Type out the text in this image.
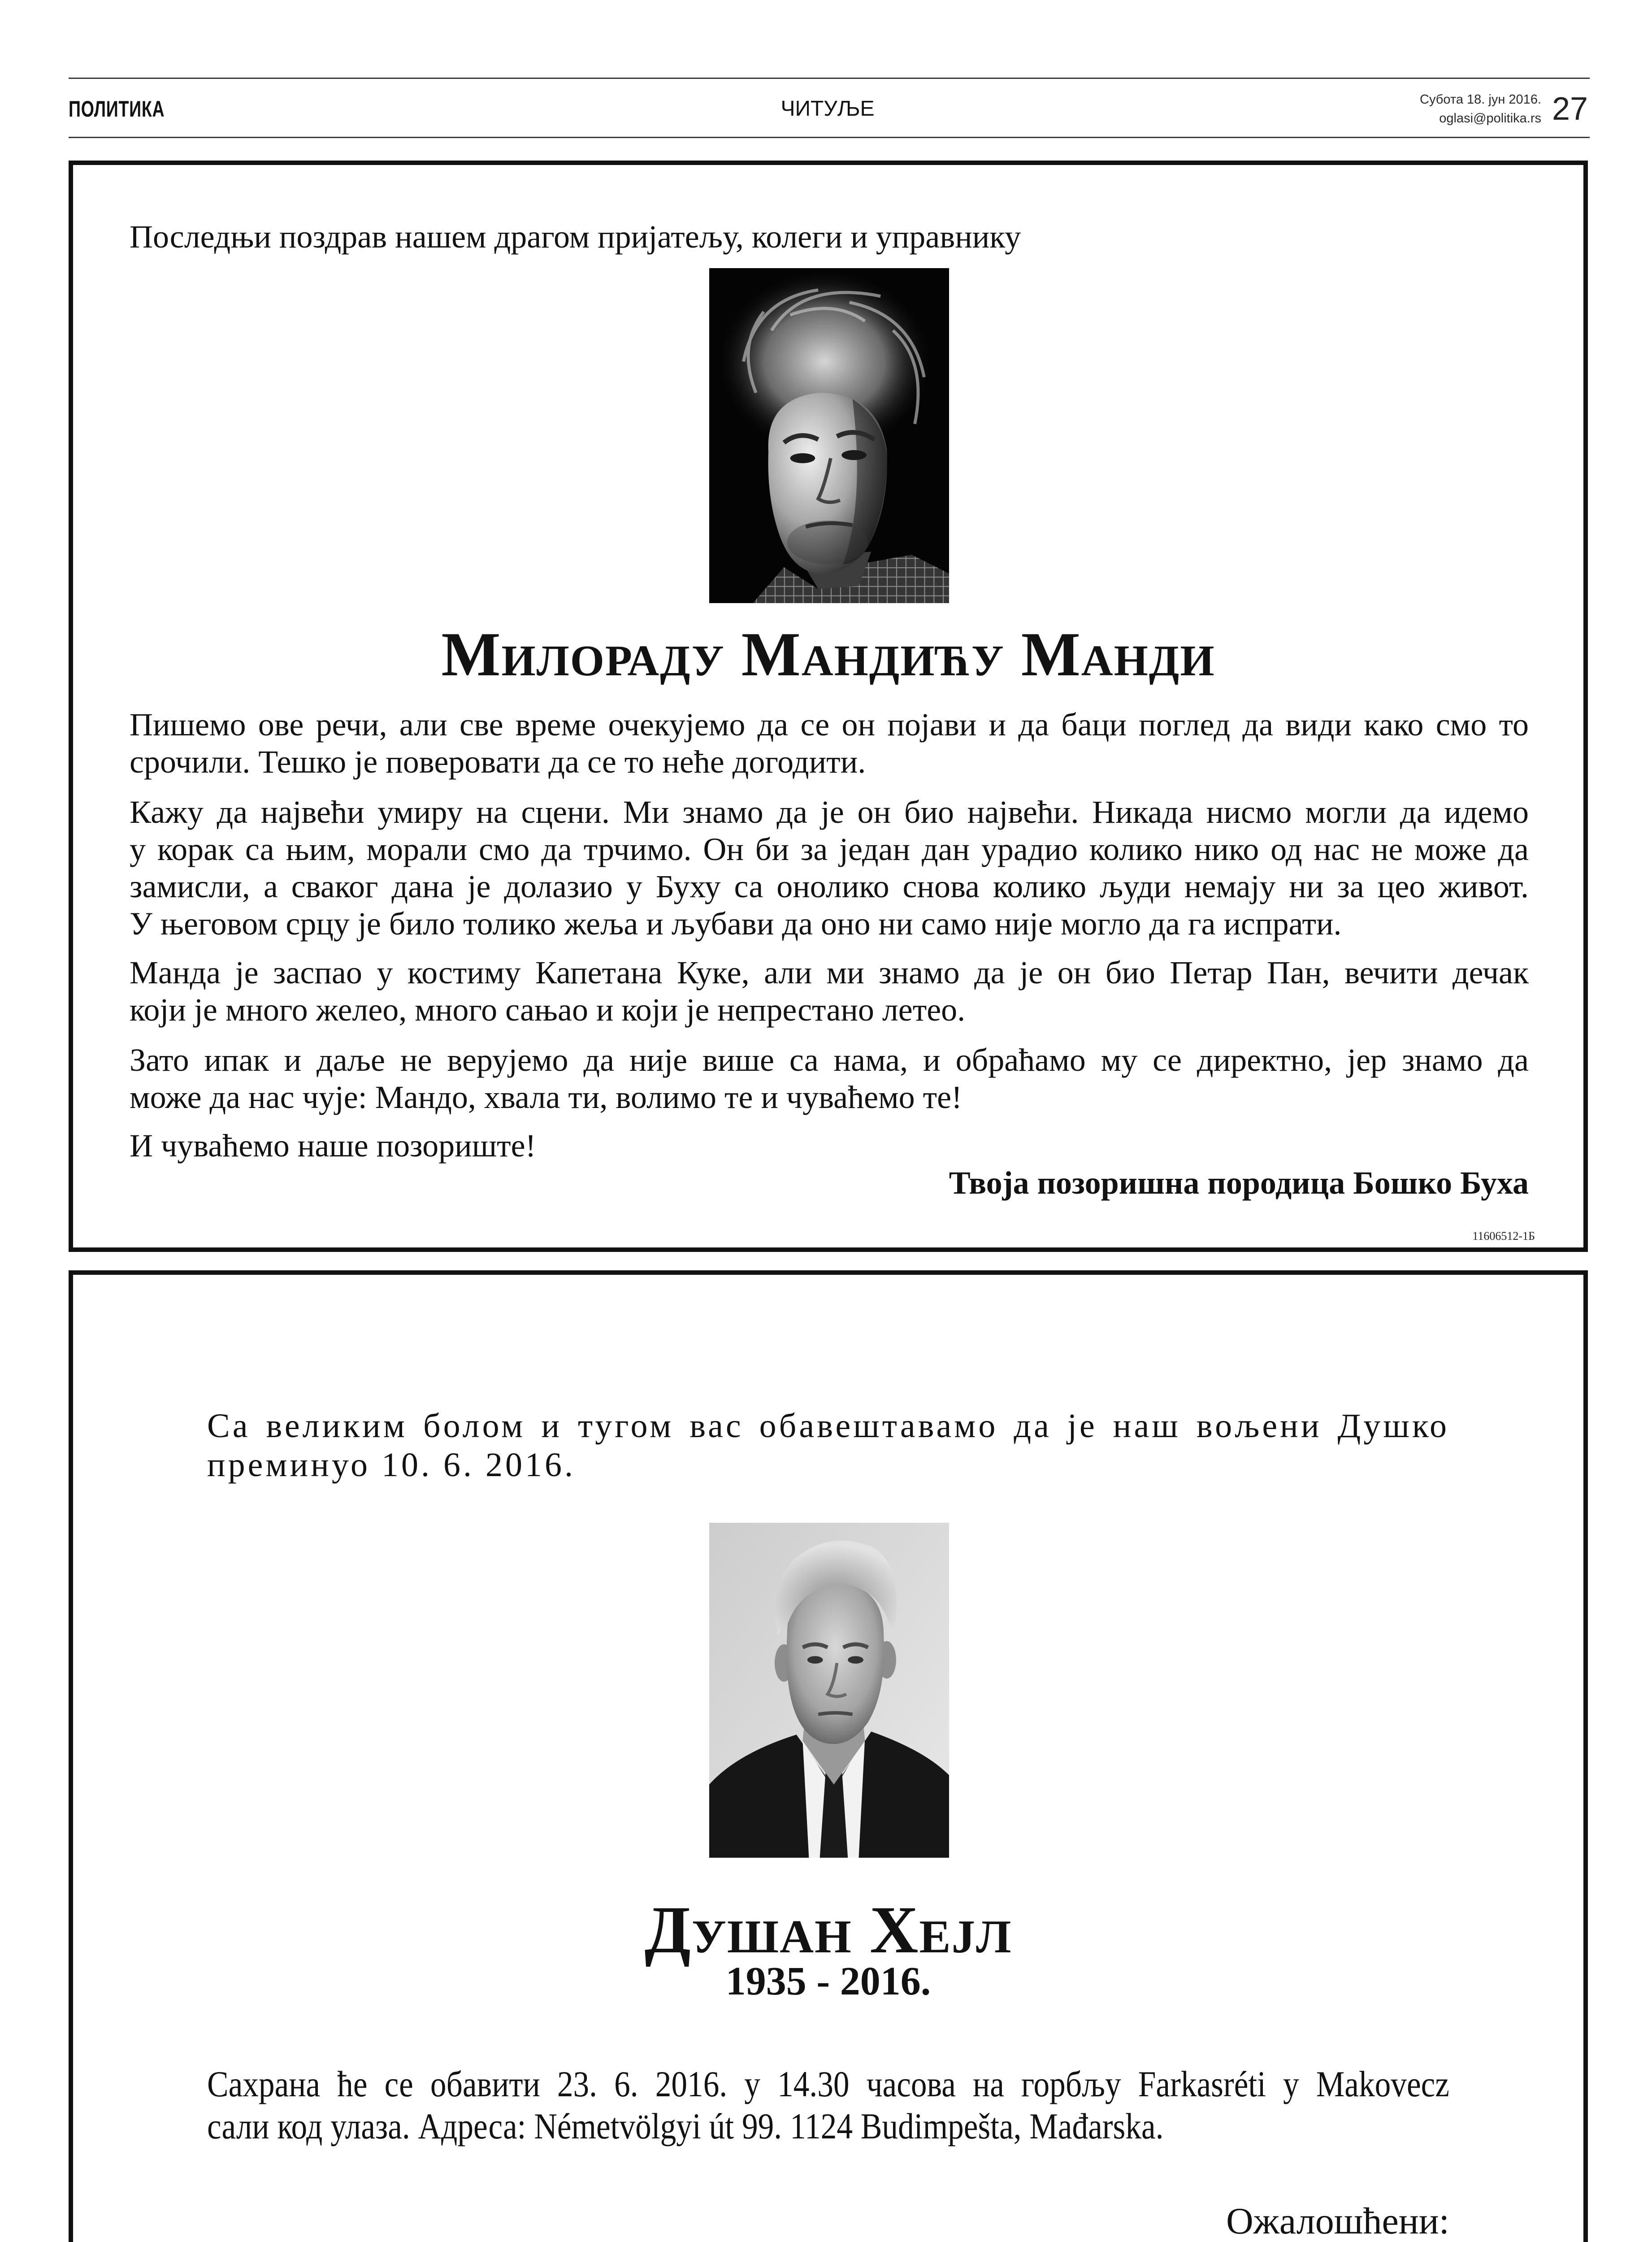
ПОЛИТИКА	ЧИТУЉЕ	Субота 18. јун 2016.
oglasi@politika.rs 27
Последњи поздрав нашем драгом пријатељу, колеги и управнику
Милораду Мандићу Манди
Пишемо ове речи, али све време очекујемо да се он појави и да баци поглед да види како смо то
срочили. Тешко је поверовати да се то неће догодити.
Кажу да највећи умиру на сцени. Ми знамо да је он био највећи. Никада нисмо могли да идемо
у корак са њим, морали смо да трчимо. Он би за један дан урадио колико нико од нас не може да
замисли, а сваког дана је долазио у Буху са онолико снова колико људи немају ни за цео живот.
У његовом срцу је било толико жеља и љубави да оно ни само није могло да га испрати.
Манда је заспао у костиму Капетана Куке, али ми знамо да је он био Петар Пан, вечити дечак
који је много желео, много сањао и који је непрестано летео.
Зато ипак и даље не верујемо да није више са нама, и обраћамо му се директно, јер знамо да
може да нас чује: Мандо, хвала ти, волимо те и чуваћемо те!
И чуваћемо наше позориште!
Твоја позоришна породица Бошко Буха
11606512-1Б
Са великим болом и тугом вас обавештавамо да је наш вољени Душко
преминуо 10. 6. 2016.
Душан Хејл
1935 - 2016.
Сахрана ће се обавити 23. 6. 2016. у 14.30 часова на горбљу Farkasréti у Makovecz
сали код улаза. Адреса: Németvölgyi út 99. 1124 Budimpešta, Mađarska.
Ожалошћени:
